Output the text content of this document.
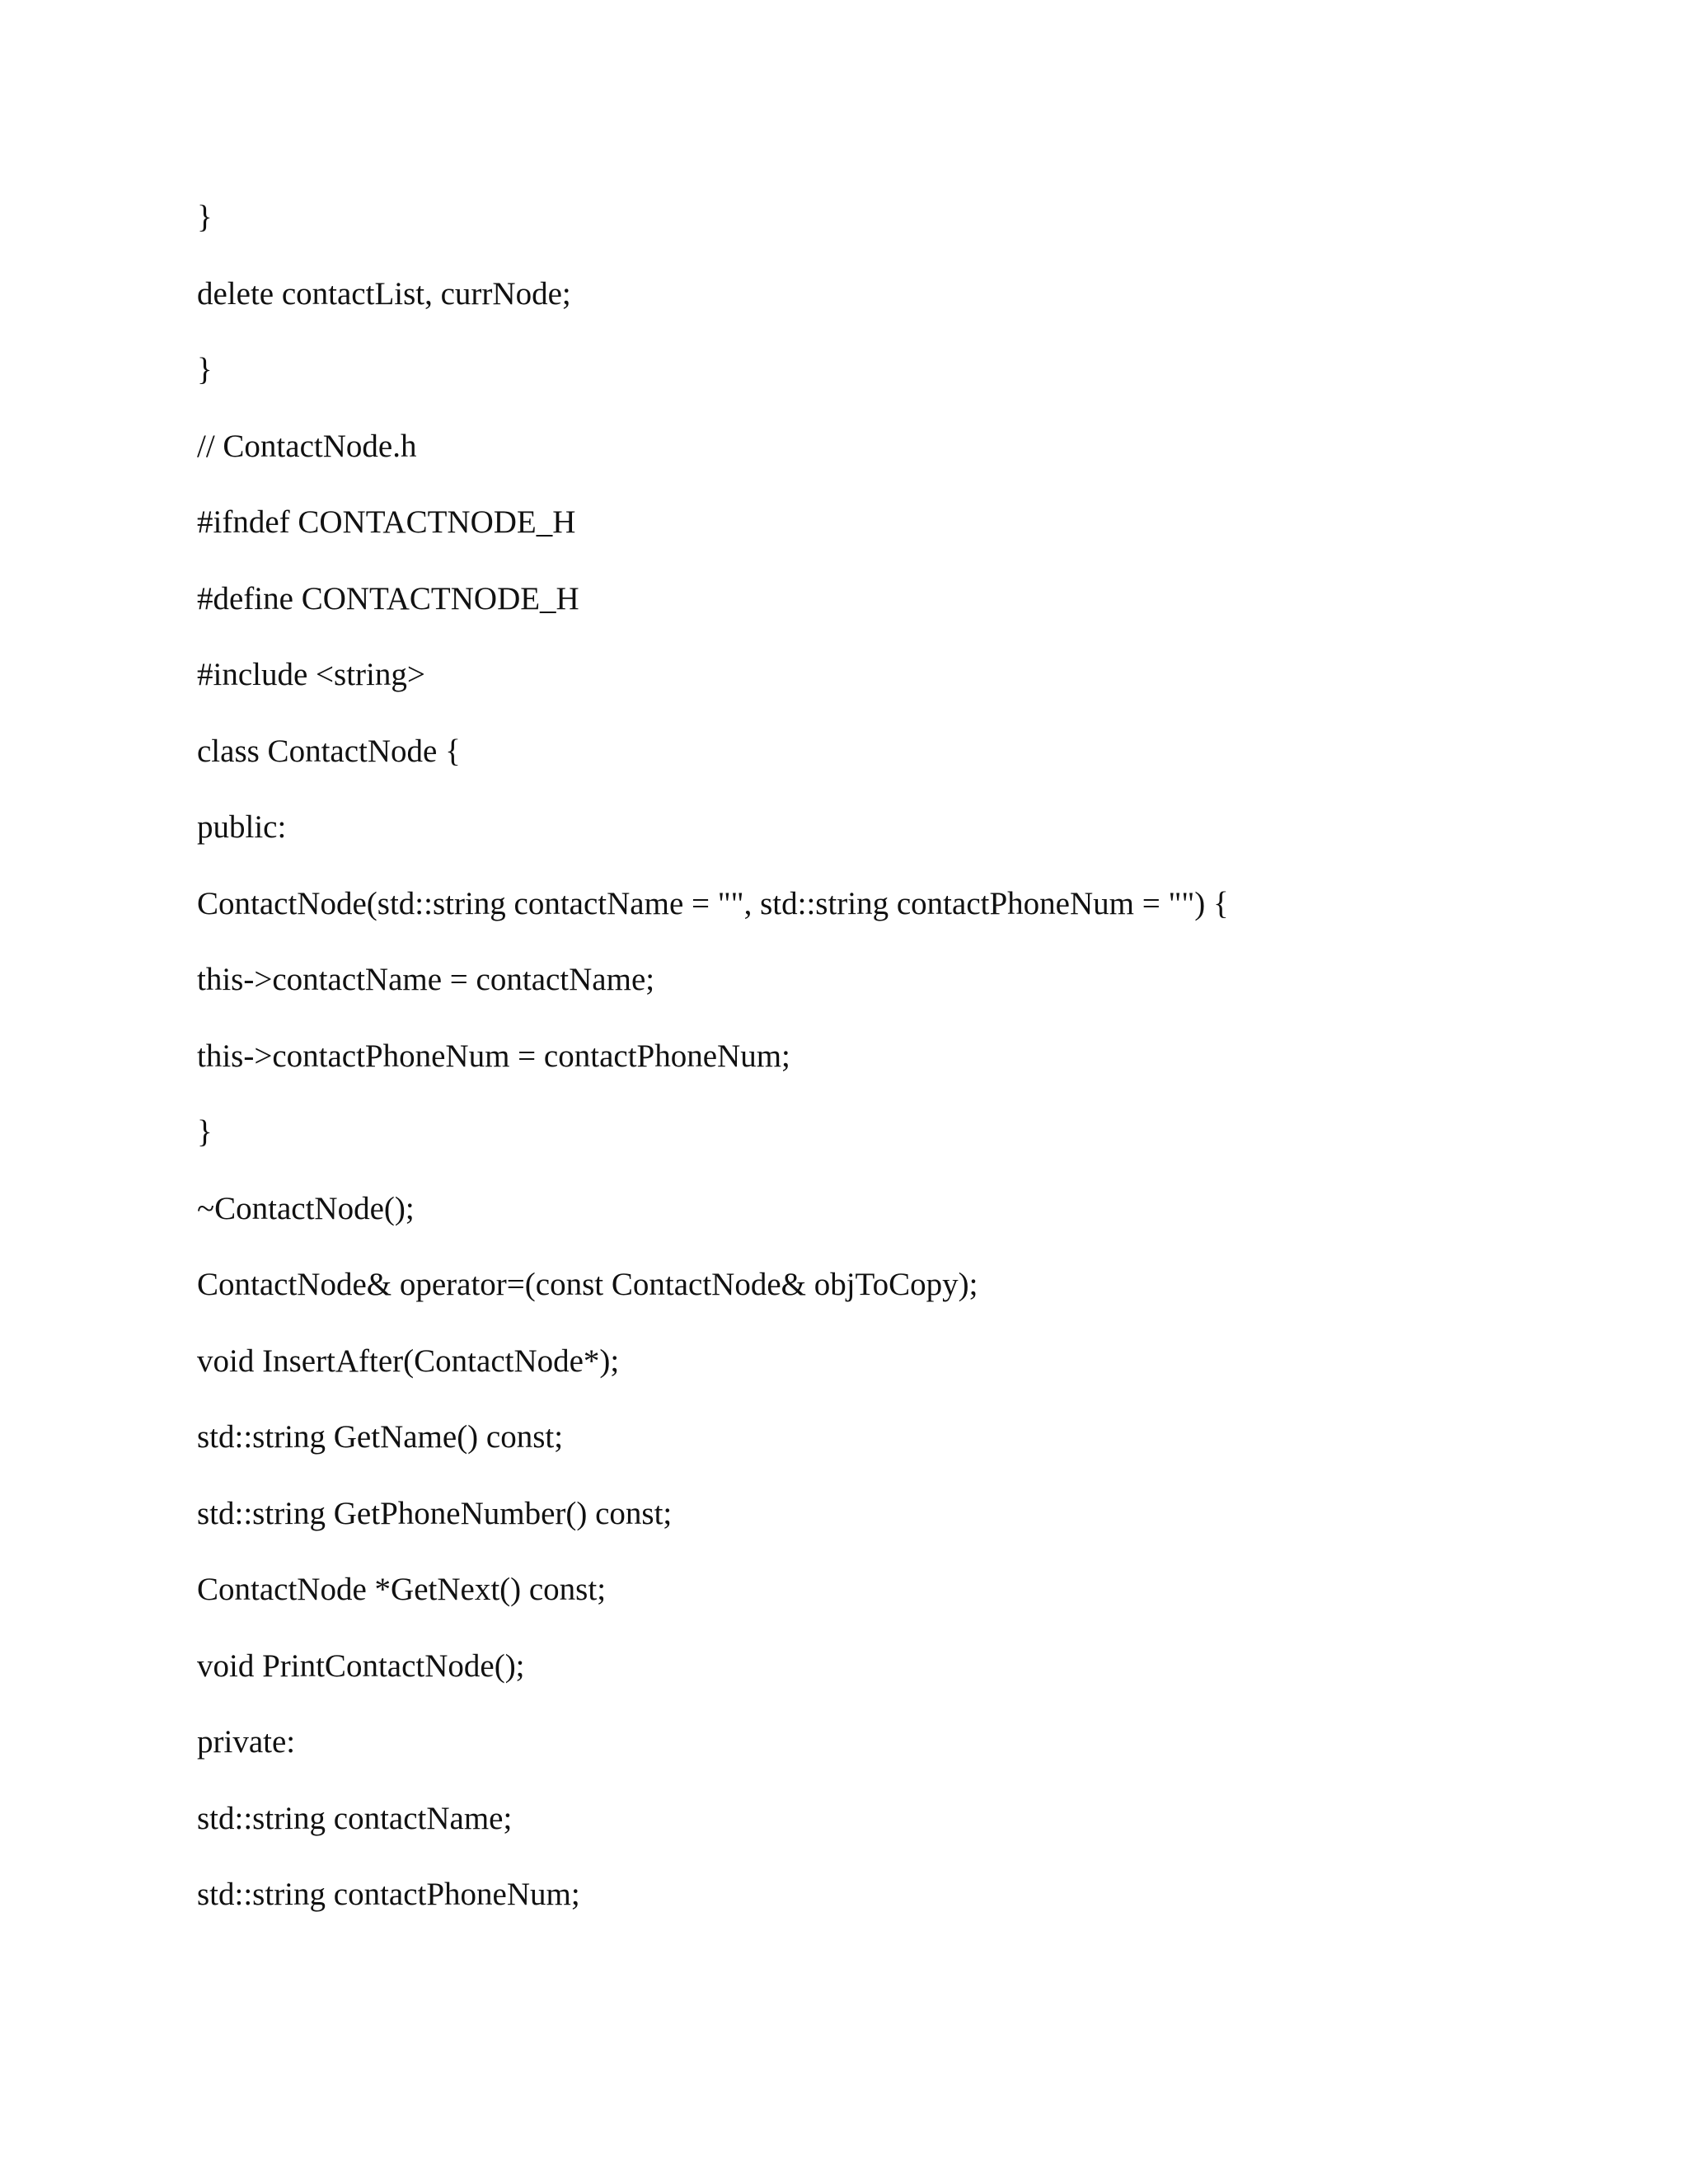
}
delete contactList, currNode;
}
// ContactNode.h
#ifndef CONTACTNODE_H
#define CONTACTNODE_H
#include <string>
class ContactNode {
public:
ContactNode(std::string contactName = "", std::string contactPhoneNum = "") {
this->contactName = contactName;
this->contactPhoneNum = contactPhoneNum;
}
~ContactNode();
ContactNode& operator=(const ContactNode& objToCopy);
void InsertAfter(ContactNode*);
std::string GetName() const;
std::string GetPhoneNumber() const;
ContactNode *GetNext() const;
void PrintContactNode();
private:
std::string contactName;
std::string contactPhoneNum;
